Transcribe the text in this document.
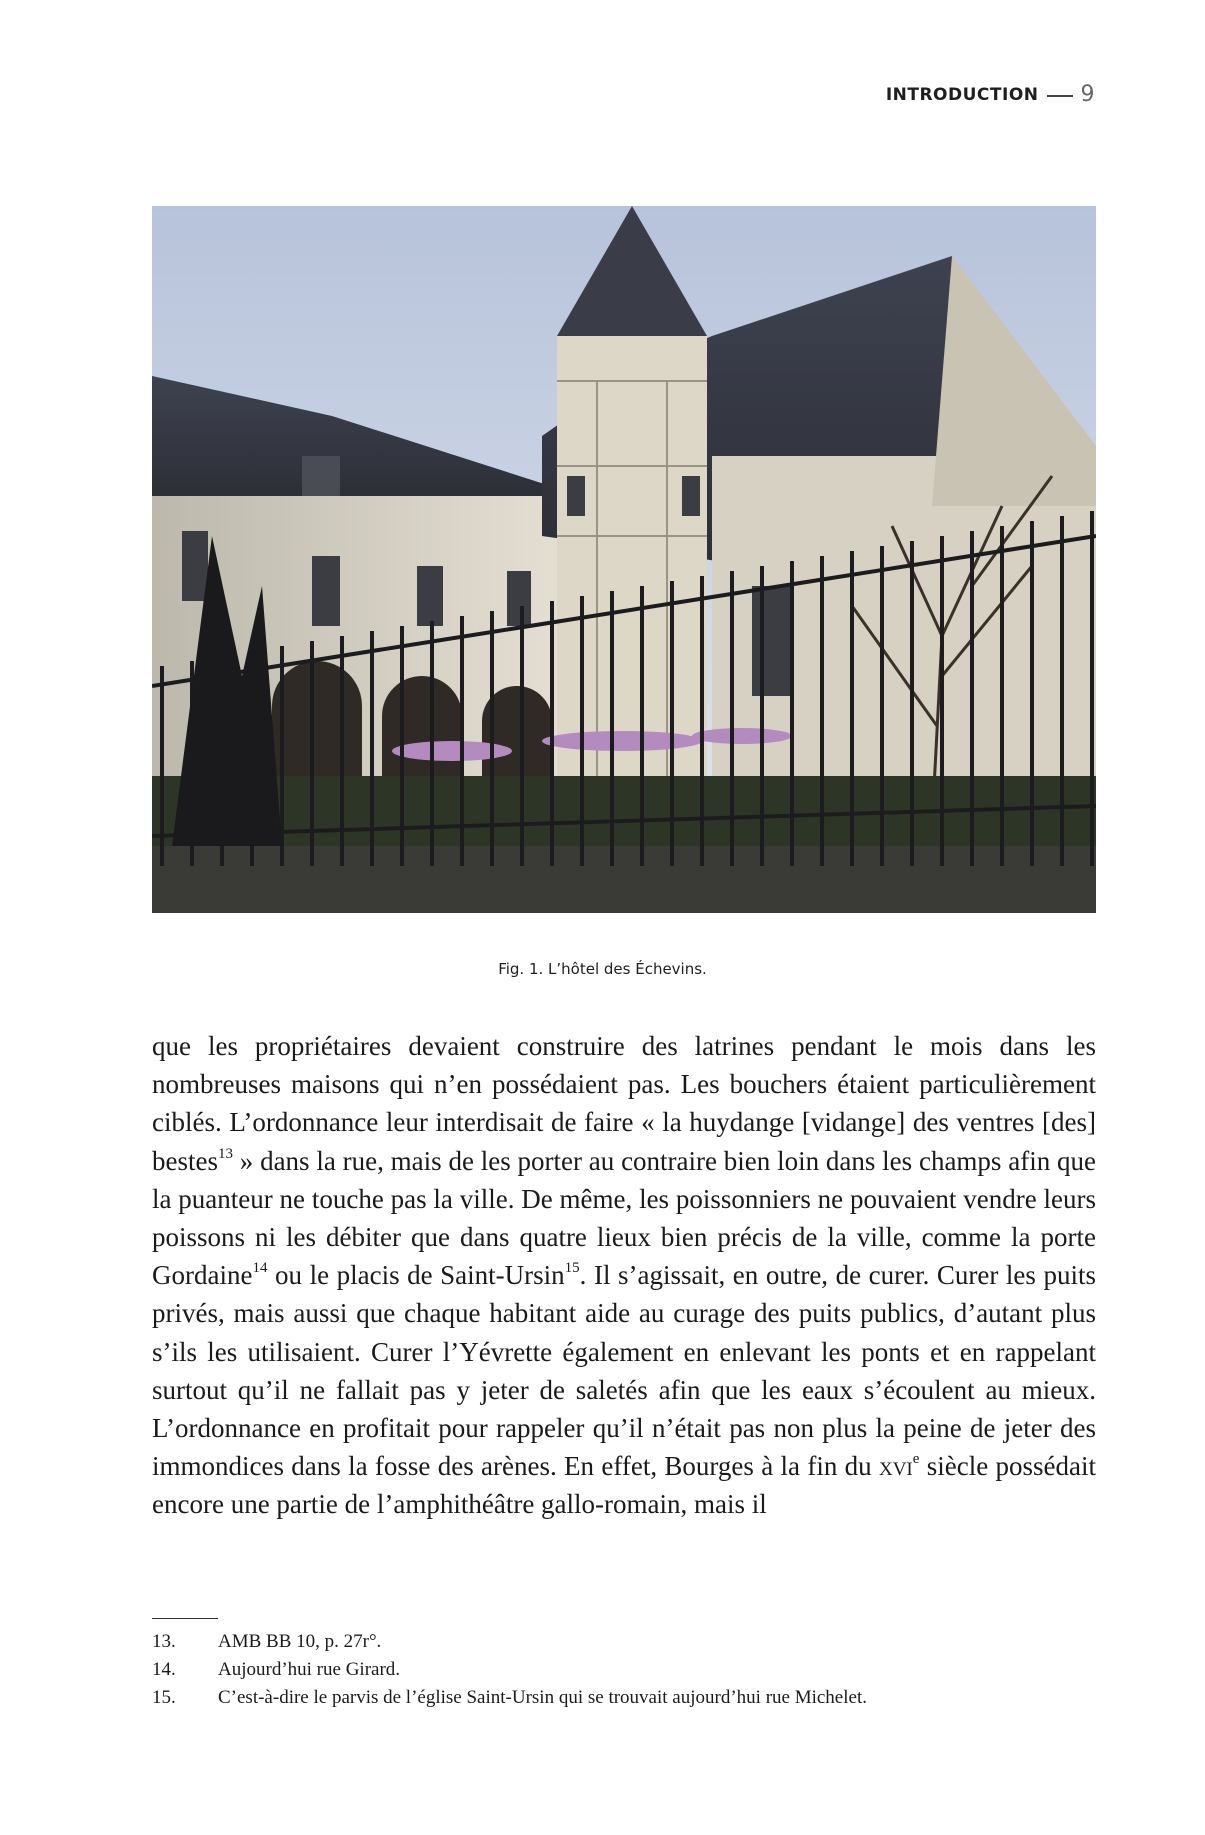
INTRODUCTION 9
Fig. 1. L’hôtel des Échevins.

que les propriétaires devaient construire des latrines pendant le mois dans les nombreuses maisons qui n’en possédaient pas. Les bouchers étaient particulièrement ciblés. L’ordonnance leur interdisait de faire « la huydange [vidange] des ventres [des] bestes$^{13}$ » dans la rue, mais de les porter au contraire bien loin dans les champs afin que la puanteur ne touche pas la ville. De même, les poissonniers ne pouvaient vendre leurs poissons ni les débiter que dans quatre lieux bien précis de la ville, comme la porte Gordaine$^{14}$ ou le placis de Saint-Ursin$^{15}$. Il s’agissait, en outre, de curer. Curer les puits privés, mais aussi que chaque habitant aide au curage des puits publics, d’autant plus s’ils les utilisaient. Curer l’Yévrette également en enlevant les ponts et en rappelant surtout qu’il ne fallait pas y jeter de saletés afin que les eaux s’écoulent au mieux. L’ordonnance en profitait pour rappeler qu’il n’était pas non plus la peine de jeter des immondices dans la fosse des arènes. En effet, Bourges à la fin du xvi$^e$ siècle possédait encore une partie de l’amphithéâtre gallo-romain, mais il

13.	AMB BB 10, p. 27r°.
14.	Aujourd’hui rue Girard.
15.	C’est-à-dire le parvis de l’église Saint-Ursin qui se trouvait aujourd’hui rue Michelet.
